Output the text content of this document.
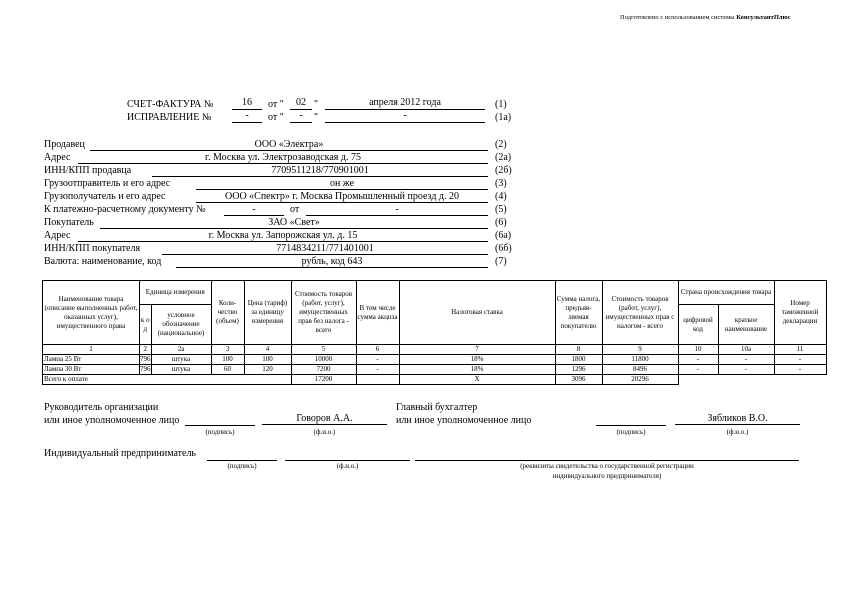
Подготовлено с использованием системы КонсультантПлюс
СЧЕТ-ФАКТУРА №	16	от "	02 "	апреля 2012 года	(1)
ИСПРАВЛЕНИЕ №	-	от "	-	"	-	(1а)
Продавец	ООО «Электра»	(2)
Адрес	г. Москва ул. Электрозаводская д. 75	(2а)
ИНН/КПП продавца	7709511218/770901001	(2б)
Грузоотправитель и его адрес	он же	(3)
Грузополучатель и его адрес	ООО «Спектр» г. Москва Промышленный проезд д. 20	(4)
К платежно-расчетному документу №	-	от	-	(5)
Покупатель	ЗАО «Свет»	(6)
Адрес	г. Москва ул. Запорожская ул. д. 15	(6а)
ИНН/КПП покупателя	7714834211/771401001	(6б)
Валюта: наименование, код	рубль, код 643	(7)
Наименование товара (описание выполненных работ, оказанных услуг), имущественного права	Единица измерения		Коли- чество (объем)	Цена (тариф) за единицу измерения	Стоимость товаров (работ, услуг), имущественных прав без налога - всего	В том числе сумма акциза	Налоговая ставка	Сумма налога, предъяв- ляемая покупателю	Стоимость товаров (работ, услуг), имущественных прав с налогом - всего	Страна происхождения товара		Номер таможенной декларации
	к о д	условное обозначение (национальное)								цифровой код	краткое наименование	
1	2	2а	3	4	5	6	7	8	9	10	10а	11
Лампа 25 Вт	796	штука	100	100	10000	-	18%	1800	11800	-	-	-
Лампа 30 Вт	796	штука	60	120	7200	-	18%	1296	8496	-	-	-
Всего к оплате					17200		X	3096	20296			
Руководитель организации
или иное уполномоченное лицо
(подпись)
Говоров А.А.
(ф.и.о.)
Главный бухгалтер
или иное уполномоченное лицо
(подпись)
Зябликов В.О.
(ф.и.о.)
Индивидуальный предприниматель
(подпись)	(ф.и.о.)	(реквизиты свидетельства о государственной регистрации
индивидуального предпринимателя)
